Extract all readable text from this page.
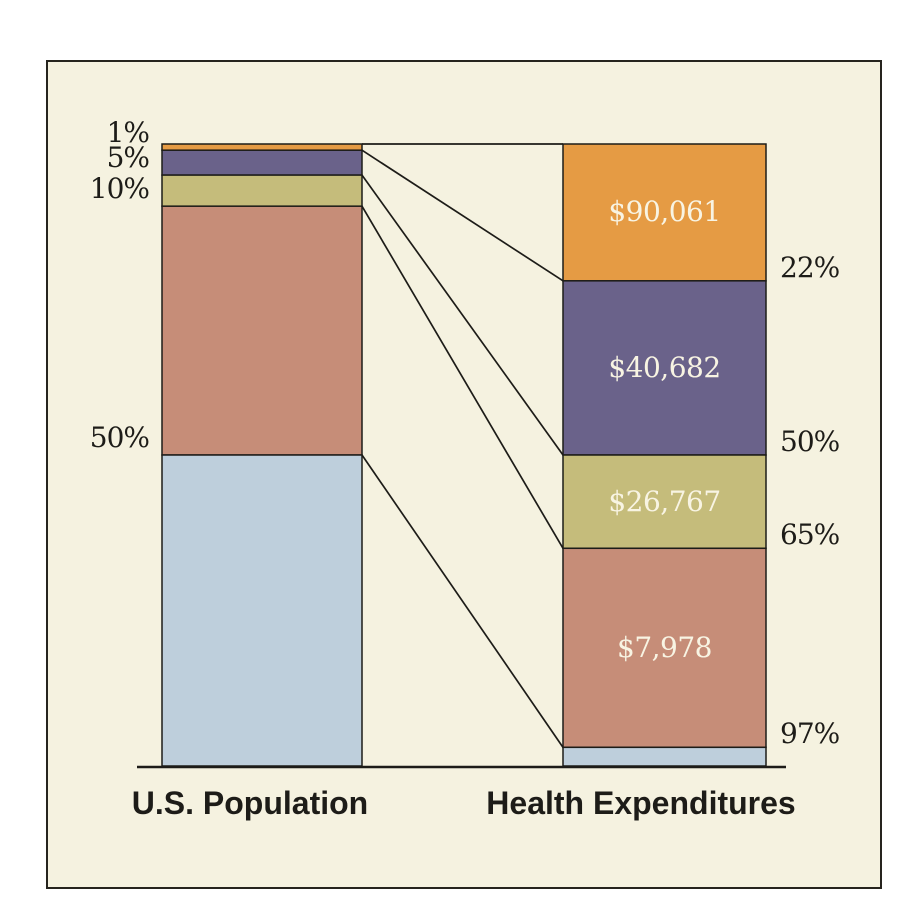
U.S. Population	Health Expenditures
1%
5%
10%
50%
22%
50%
65%
97%
$90,061
$40,682
$26,767
$7,978
